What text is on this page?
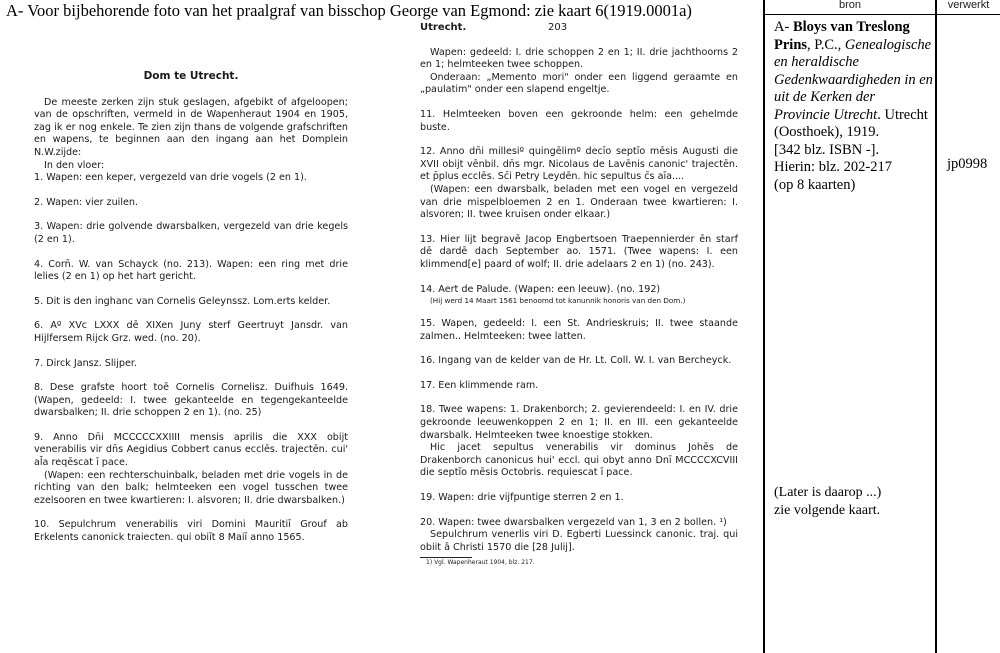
A- Voor bijbehorende foto van het praalgraf van bisschop George van Egmond: zie kaart 6(1919.0001a)
Dom te Utrecht.

De meeste zerken zijn stuk geslagen, afgebikt of afgeloopen; van de opschriften, vermeld in de Wapenheraut 1904 en 1905, zag ik er nog enkele. Te zien zijn thans de volgende grafschriften en wapens, te beginnen aan den ingang aan het Domplein N.W.zijde:

In den vloer:
1. Wapen: een keper, vergezeld van drie vogels (2 en 1).
2. Wapen: vier zuilen.
3. Wapen: drie golvende dwarsbalken, vergezeld van drie kegels (2 en 1).
4. Corn̄. W. van Schayck (no. 213). Wapen: een ring met drie lelies (2 en 1) op het hart gericht.
5. Dit is den inghanc van Cornelis Geleynssz. Lom.erts kelder.
6. Aº XVc LXXX dē XIXen Juny sterf Geertruyt Jansdr. van Hijlfersem Rijck Grz. wed. (no. 20).
7. Dirck Jansz. Slijper.
8. Dese grafste hoort toē Cornelis Cornelisz. Duifhuis 1649. (Wapen, gedeeld: I. twee gekanteelde en tegengekanteelde dwarsbalken; II. drie schoppen 2 en 1). (no. 25)
9. Anno Dn̄i MCCCCCXXIIII mensis aprilis die XXX obijt venerabilis vir dn̄s Aegidius Cobbert canus ecclēs. trajectēn. cui' al̄a reqēscat ī pace.
(Wapen: een rechterschuinbalk, beladen met drie vogels in de richting van den balk; helmteeken een vogel tusschen twee ezelsooren en twee kwartieren: I. alsvoren; II. drie dwarsbalken.)
10. Sepulchrum venerabilis viri Domini Mauritiī Grouf ab Erkelents canonick traiecten. qui obiīt 8 Maiī anno 1565.
Utrecht.	203
Wapen: gedeeld: I. drie schoppen 2 en 1; II. drie jachthoorns 2 en 1; helmteeken twee schoppen.
Onderaan: „Memento mori" onder een liggend geraamte en „paulatim" onder een slapend engeltje.
11. Helmteeken boven een gekroonde helm: een gehelmde buste.
12. Anno dn̄i millesiº quingēlimº decīo septīo mēsis Augusti die XVII obijt vēnbil. dn̄s mgr. Nicolaus de Lavēnis canonic' trajectēn. et p̄plus ecclēs. Sc̄i Petry Leydēn. hic sepultus c̄s aīa....
(Wapen: een dwarsbalk, beladen met een vogel en vergezeld van drie mispelbloemen 2 en 1. Onderaan twee kwartieren: I. alsvoren; II. twee kruisen onder elkaar.)
13. Hier lijt begravē Jacop Engbertsoen Traepennierder ēn starf dē dardē dach September ao. 1571. (Twee wapens: I. een klimmend[e] paard of wolf; II. drie adelaars 2 en 1) (no. 243).
14. Aert de Palude. (Wapen: een leeuw). (no. 192)
(Hij werd 14 Maart 1561 benoomd tot kanunnik honoris van den Dom.)
15. Wapen, gedeeld: I. een St. Andrieskruis; II. twee staande zalmen.. Helmteeken: twee latten.
16. Ingang van de kelder van de Hr. Lt. Coll. W. I. van Bercheyck.
17. Een klimmende ram.
18. Twee wapens: 1. Drakenborch; 2. gevierendeeld: I. en IV. drie gekroonde leeuwenkoppen 2 en 1; II. en III. een gekanteelde dwarsbalk. Helmteeken twee knoestige stokken.
Hic jacet sepultus venerabilis vir dominus Johēs de Drakenborch canonicus hui' eccl. qui obyt anno Dnī MCCCCXCVIII die septīo mēsis Octobris. requiescat ī pace.
19. Wapen: drie vijfpuntige sterren 2 en 1.
20. Wapen: twee dwarsbalken vergezeld van 1, 3 en 2 bollen. ¹)
Sepulchrum venerlis viri D. Egberti Luessinck canonic. traj. qui obiit ā Christi 1570 die [28 Julij].
1) Vgl. Wapenheraut 1904, blz. 217.
bron	verwerkt
A- Bloys van Treslong Prins, P.C., Genealogische en heraldische Gedenkwaardigheden in en uit de Kerken der Provincie Utrecht. Utrecht (Oosthoek), 1919.
[342 blz. ISBN -].
Hierin: blz. 202-217
(op 8 kaarten)
jp0998
(Later is daarop ...)
zie volgende kaart.
